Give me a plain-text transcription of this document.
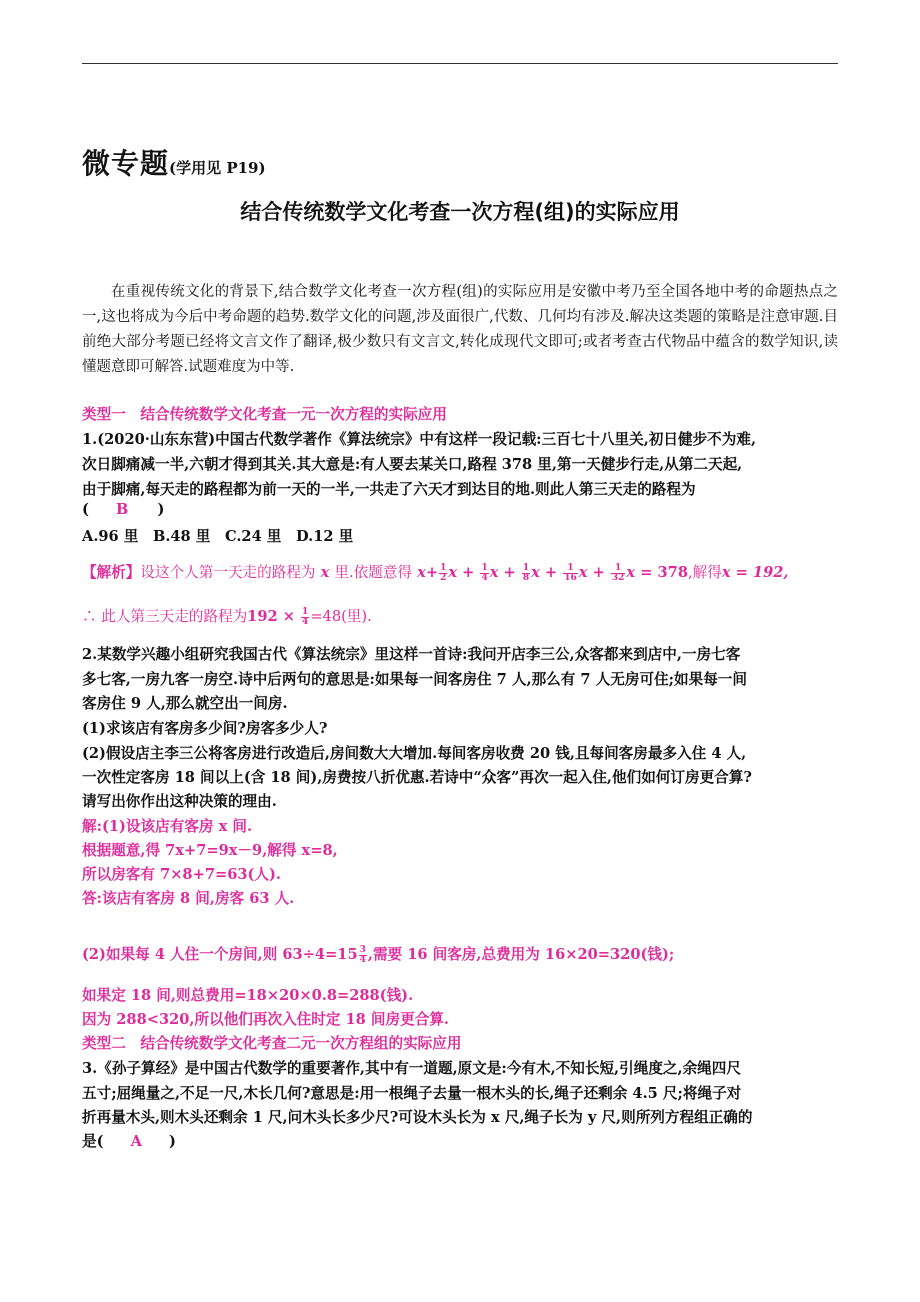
微专题(学用见 P19)
结合传统数学文化考查一次方程(组)的实际应用
在重视传统文化的背景下,结合数学文化考查一次方程(组)的实际应用是安徽中考乃至全国各地中考的命题热点之一,这也将成为今后中考命题的趋势.数学文化的问题,涉及面很广,代数、几何均有涉及.解决这类题的策略是注意审题.目前绝大部分考题已经将文言文作了翻译,极少数只有文言文,转化成现代文即可;或者考查古代物品中蕴含的数学知识,读懂题意即可解答.试题难度为中等.
类型一　结合传统数学文化考查一元一次方程的实际应用
1.(2020·山东东营)中国古代数学著作《算法统宗》中有这样一段记载:三百七十八里关,初日健步不为难,
次日脚痛减一半,六朝才得到其关.其大意是:有人要去某关口,路程 378 里,第一天健步行走,从第二天起,
由于脚痛,每天走的路程都为前一天的一半,一共走了六天才到达目的地.则此人第三天走的路程为
( B )
A.96 里　B.48 里　C.24 里　D.12 里
【解析】设这个人第一天走的路程为 x 里.依题意得 $x+ \frac{1}{2}$ $x + \frac{1}{4}$ $x + \frac{1}{8}$ $x + \frac{1}{16}$ $x + \frac{1}{32}$ x = 378,解得x = 192,
∴ 此人第三天走的路程为$192 \times \frac{1}{4} =48$(里).
2.某数学兴趣小组研究我国古代《算法统宗》里这样一首诗:我问开店李三公,众客都来到店中,一房七客
多七客,一房九客一房空.诗中后两句的意思是:如果每一间客房住 7 人,那么有 7 人无房可住;如果每一间
客房住 9 人,那么就空出一间房.
(1)求该店有客房多少间?房客多少人?
(2)假设店主李三公将客房进行改造后,房间数大大增加.每间客房收费 20 钱,且每间客房最多入住 4 人,
一次性定客房 18 间以上(含 18 间),房费按八折优惠.若诗中“众客”再次一起入住,他们如何订房更合算?
请写出你作出这种决策的理由.
解:(1)设该店有客房 x 间.
根据题意,得 7x+7=9x－9,解得 x=8,
所以房客有 7×8+7=63(人).
答:该店有客房 8 间,房客 63 人.
(2)如果每 4 人住一个房间,则 $63\div 4=15 \frac{3}{4}$ ,需要 16 间客房,总费用为 16×20=320(钱);
如果定 18 间,则总费用=18×20×0.8=288(钱).
因为 288<320,所以他们再次入住时定 18 间房更合算.
类型二　结合传统数学文化考查二元一次方程组的实际应用
3.《孙子算经》是中国古代数学的重要著作,其中有一道题,原文是:今有木,不知长短,引绳度之,余绳四尺
五寸;屈绳量之,不足一尺,木长几何?意思是:用一根绳子去量一根木头的长,绳子还剩余 4.5 尺;将绳子对
折再量木头,则木头还剩余 1 尺,问木头长多少尺?可设木头长为 x 尺,绳子长为 y 尺,则所列方程组正确的
是( A )
